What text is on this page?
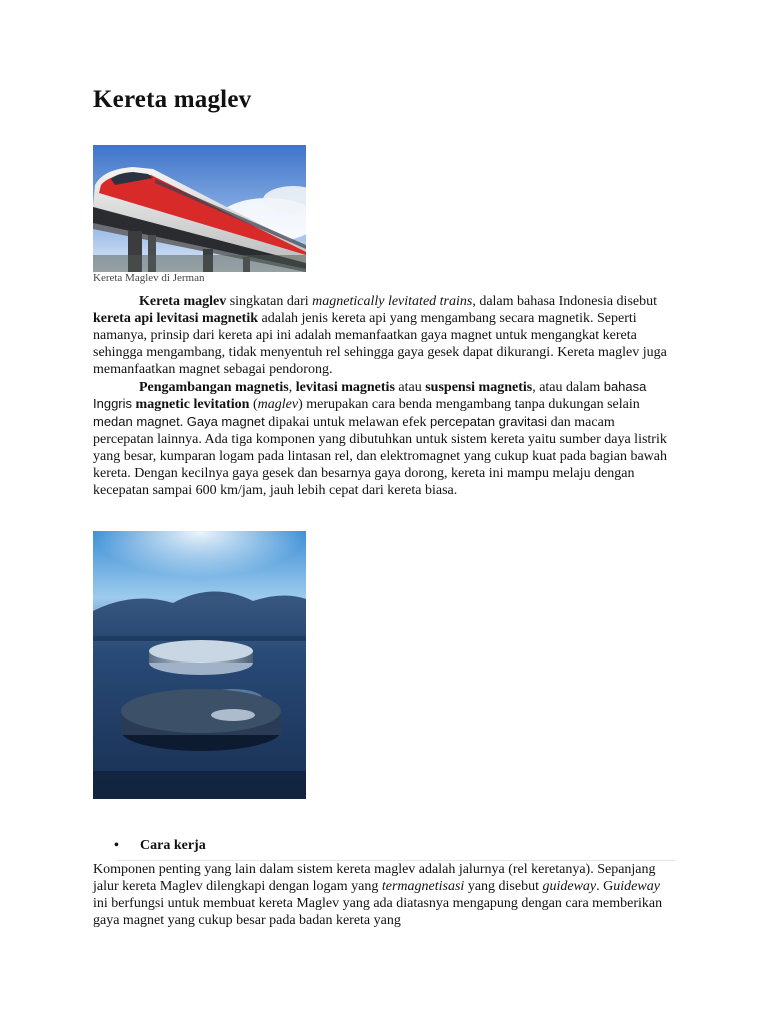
Kereta maglev
Kereta Maglev di Jerman

Kereta maglev singkatan dari magnetically levitated trains, dalam bahasa Indonesia disebut kereta api levitasi magnetik adalah jenis kereta api yang mengambang secara magnetik. Seperti namanya, prinsip dari kereta api ini adalah memanfaatkan gaya magnet untuk mengangkat kereta sehingga mengambang, tidak menyentuh rel sehingga gaya gesek dapat dikurangi. Kereta maglev juga memanfaatkan magnet sebagai pendorong.

Pengambangan magnetis, levitasi magnetis atau suspensi magnetis, atau dalam bahasa Inggris magnetic levitation (maglev) merupakan cara benda mengambang tanpa dukungan selain medan magnet. Gaya magnet dipakai untuk melawan efek percepatan gravitasi dan macam percepatan lainnya. Ada tiga komponen yang dibutuhkan untuk sistem kereta yaitu sumber daya listrik yang besar, kumparan logam pada lintasan rel, dan elektromagnet yang cukup kuat pada bagian bawah kereta. Dengan kecilnya gaya gesek dan besarnya gaya dorong, kereta ini mampu melaju dengan kecepatan sampai 600 km/jam, jauh lebih cepat dari kereta biasa.

• Cara kerja

Komponen penting yang lain dalam sistem kereta maglev adalah jalurnya (rel keretanya). Sepanjang jalur kereta Maglev dilengkapi dengan logam yang termagnetisasi yang disebut guideway. Guideway ini berfungsi untuk membuat kereta Maglev yang ada diatasnya mengapung dengan cara memberikan gaya magnet yang cukup besar pada badan kereta yang
